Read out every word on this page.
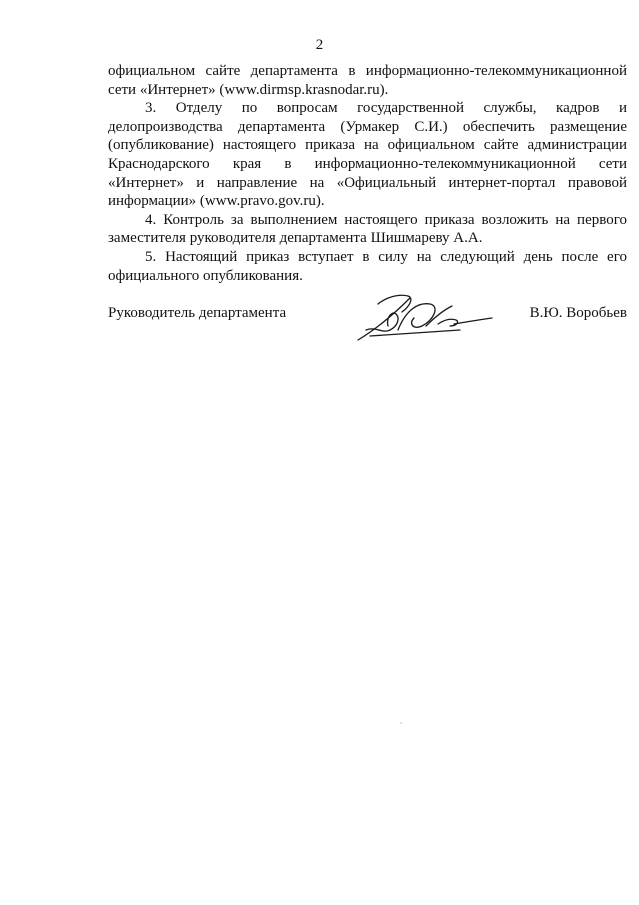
2

официальном сайте департамента в информационно-телекоммуникационной сети «Интернет» (www.dirmsp.krasnodar.ru).

3. Отделу по вопросам государственной службы, кадров и делопроизводства департамента (Урмакер С.И.) обеспечить размещение (опубликование) настоящего приказа на официальном сайте администрации Краснодарского края в информационно-телекоммуникационной сети «Интернет» и направление на «Официальный интернет-портал правовой информации» (www.pravo.gov.ru).

4. Контроль за выполнением настоящего приказа возложить на первого заместителя руководителя департамента Шишмареву А.А.

5. Настоящий приказ вступает в силу на следующий день после его официального опубликования.

Руководитель департамента	В.Ю. Воробьев
